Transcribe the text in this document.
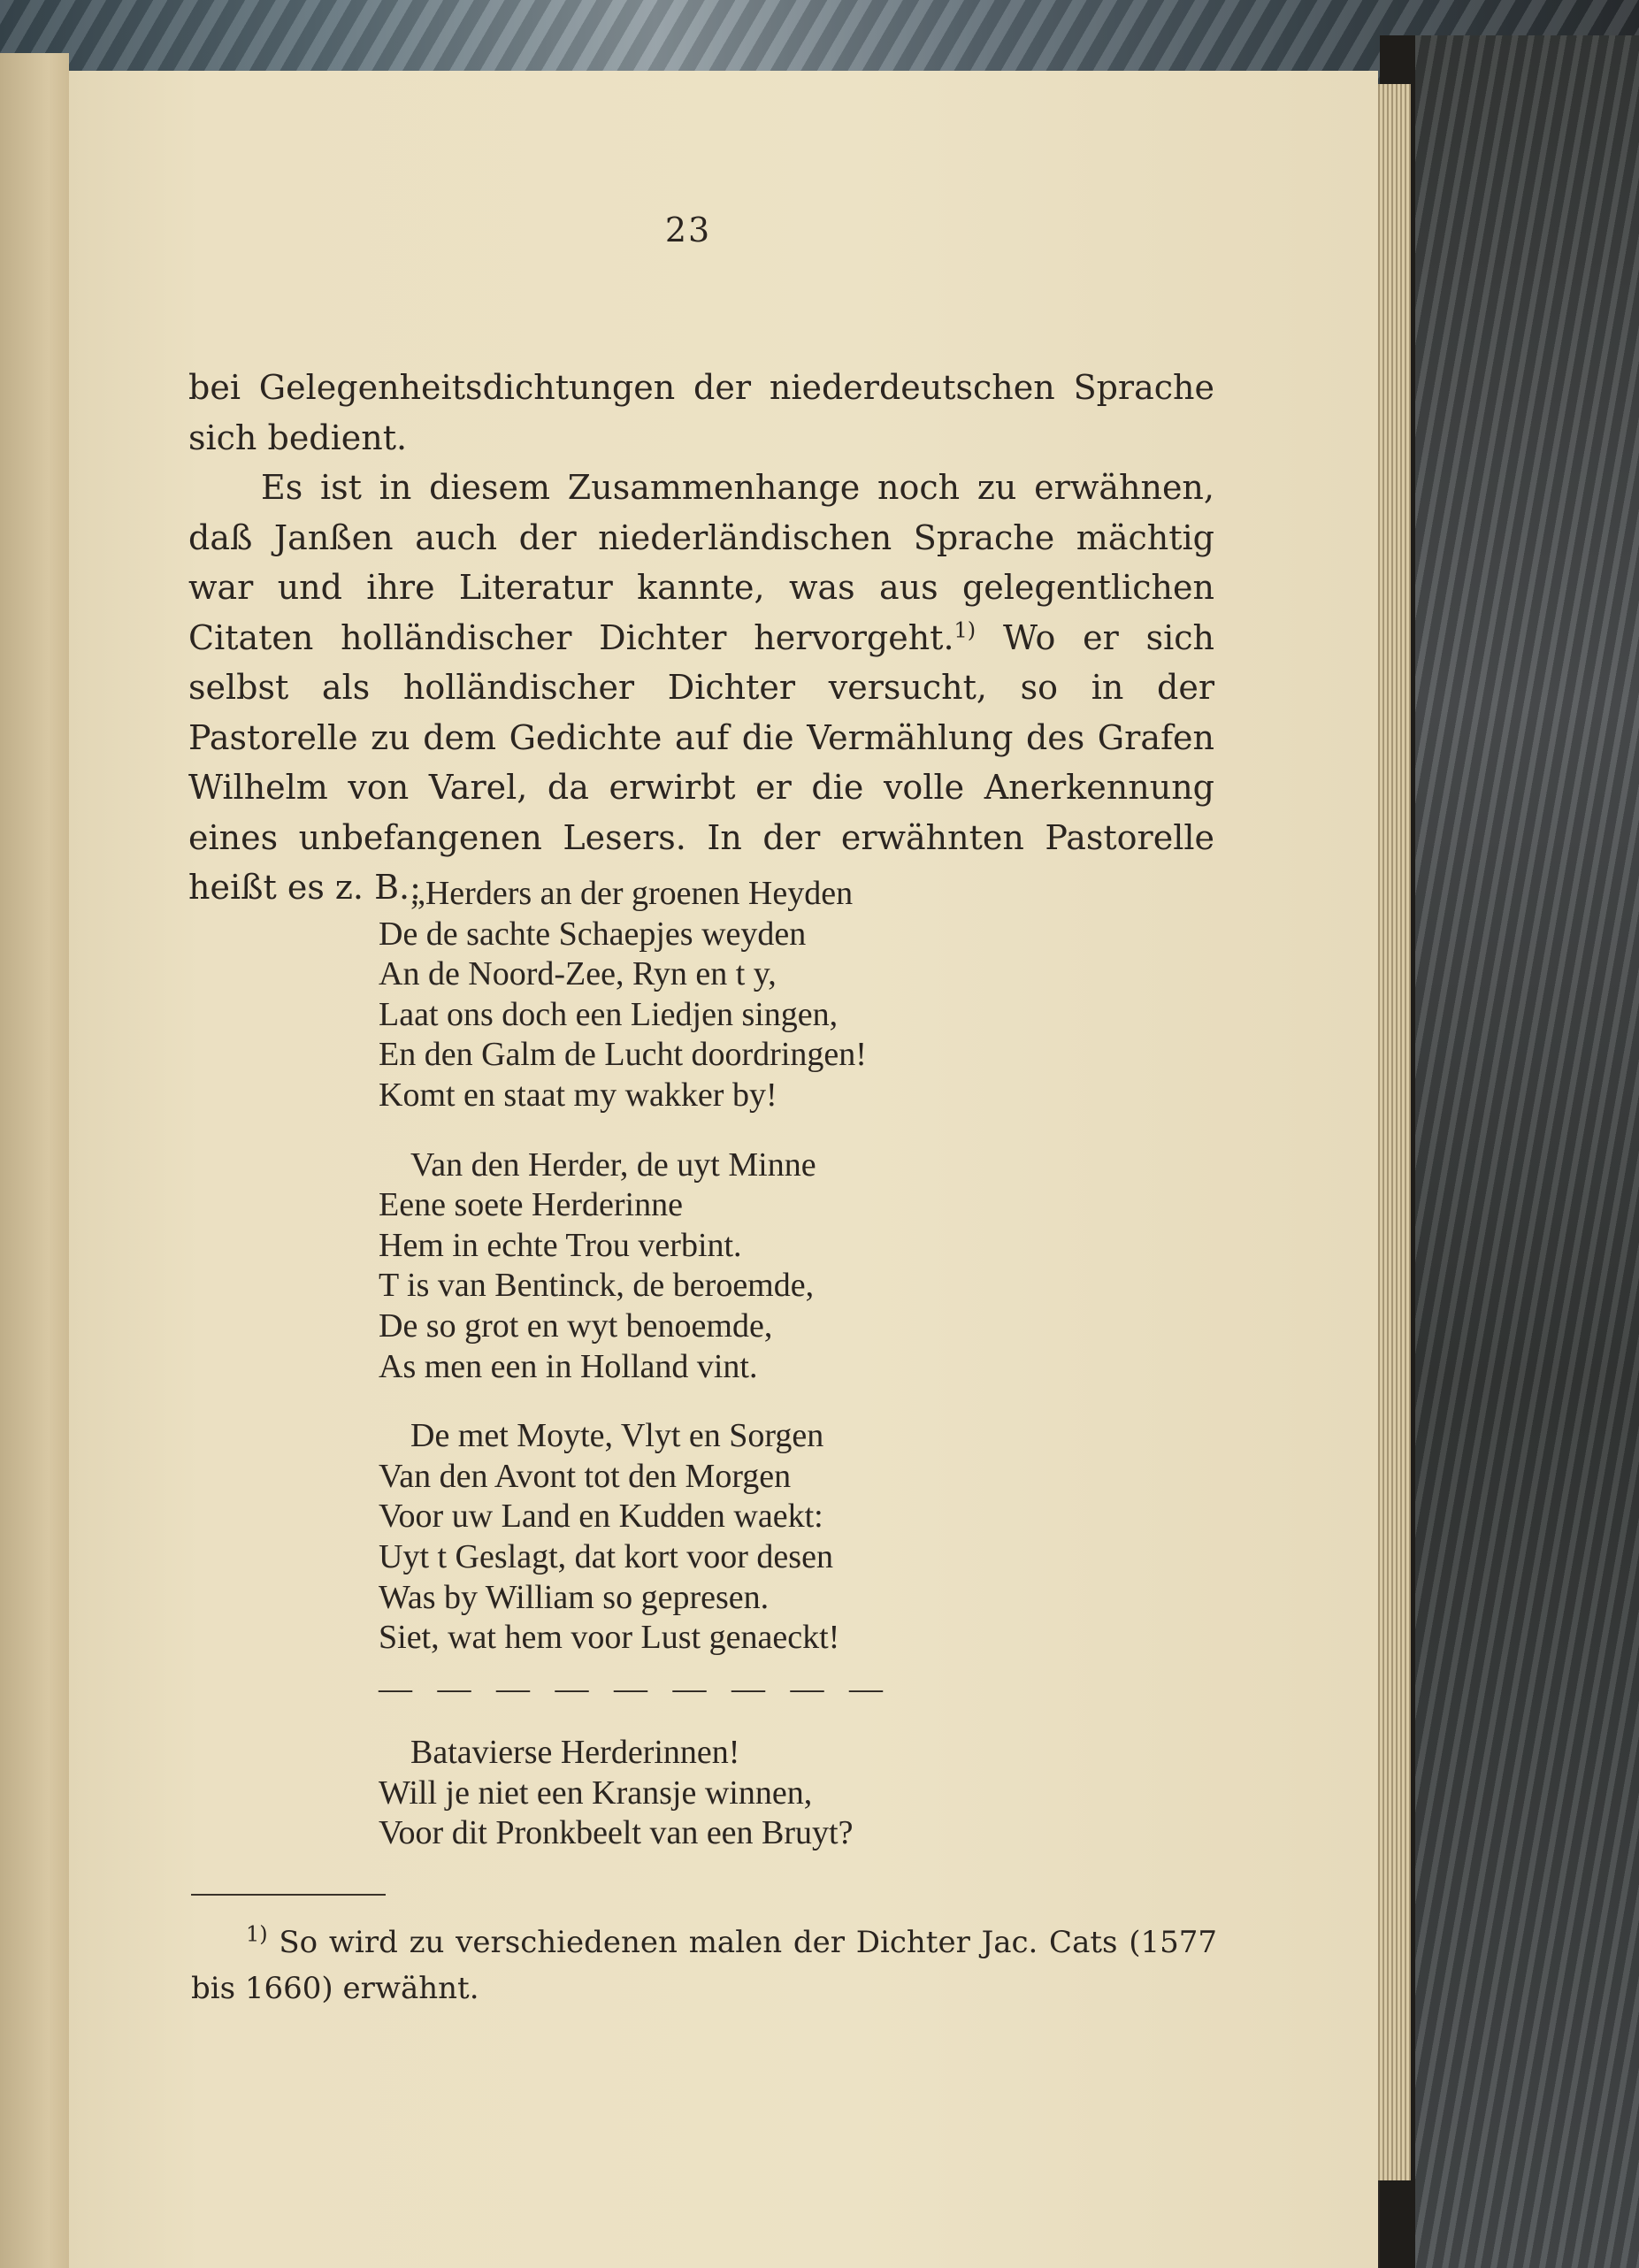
23

bei Gelegenheitsdichtungen der niederdeutschen Sprache sich bedient.

Es ist in diesem Zusammenhange noch zu erwähnen, daß Janßen auch der niederländischen Sprache mächtig war und ihre Literatur kannte, was aus gelegentlichen Citaten holländischer Dichter hervorgeht.$^{1)}$ Wo er sich selbst als holländischer Dichter versucht, so in der Pastorelle zu dem Gedichte auf die Vermählung des Grafen Wilhelm von Varel, da erwirbt er die volle Anerkennung eines unbefangenen Lesers. In der erwähnten Pastorelle heißt es z. B.:

„Herders an der groenen Heyden
De de sachte Schaepjes weyden
An de Noord-Zee, Ryn en t y,
Laat ons doch een Liedjen singen,
En den Galm de Lucht doordringen!
Komt en staat my wakker by!
Van den Herder, de uyt Minne
Eene soete Herderinne
Hem in echte Trou verbint.
T is van Bentinck, de beroemde,
De so grot en wyt benoemde,
As men een in Holland vint.
De met Moyte, Vlyt en Sorgen
Van den Avont tot den Morgen
Voor uw Land en Kudden waekt:
Uyt t Geslagt, dat kort voor desen
Was by William so gepresen.
Siet, wat hem voor Lust genaeckt!
—   —   —   —   —   —   —   —   —
Batavierse Herderinnen!
Will je niet een Kransje winnen,
Voor dit Pronkbeelt van een Bruyt?

$^{1)}$ So wird zu verschiedenen malen der Dichter Jac. Cats (1577 bis 1660) erwähnt.
